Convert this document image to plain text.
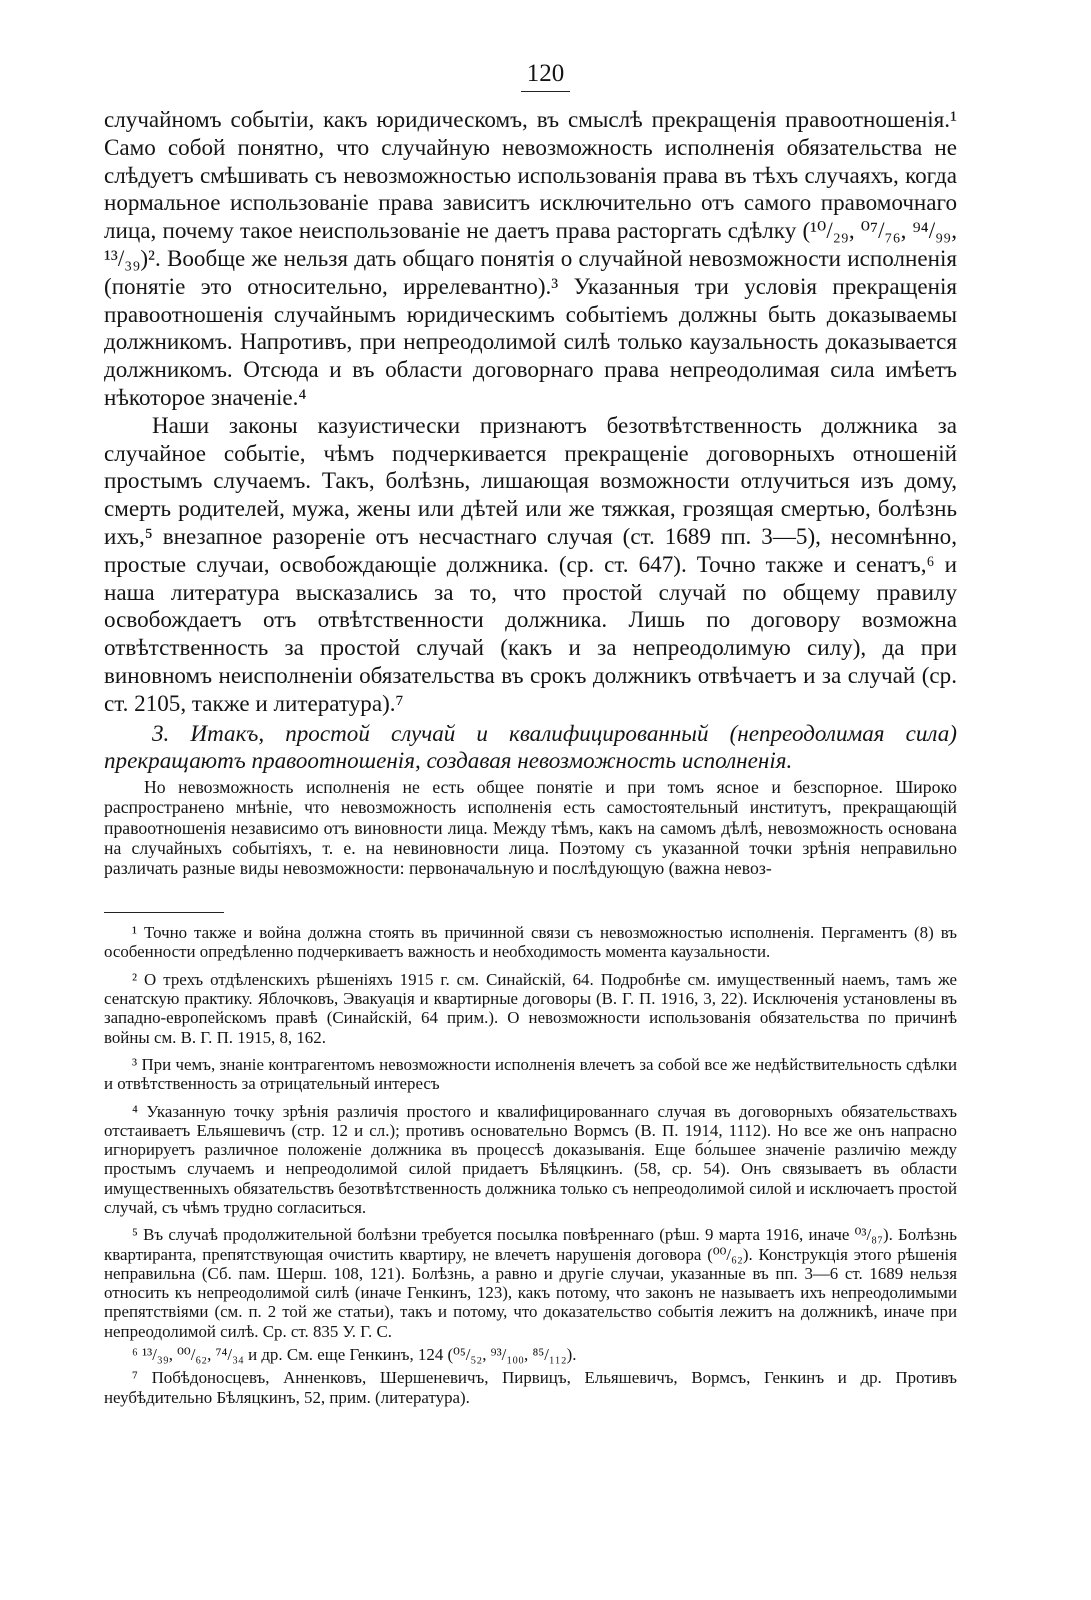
120

случайномъ событіи, какъ юридическомъ, въ смыслѣ прекращенія правоотношенія.¹ Само собой понятно, что случайную невозможность исполненія обязательства не слѣдуетъ смѣшивать съ невозможностью использованія права въ тѣхъ случаяхъ, когда нормальное использованіе права зависитъ исключительно отъ самого правомочнаго лица, почему такое неиспользованіе не даетъ права расторгать сдѣлку (¹⁰/₂₉, ⁰⁷/₇₆, ⁹⁴/₉₉, ¹³/₃₉)². Вообще же нельзя дать общаго понятія о случайной невозможности исполненія (понятіе это относительно, иррелевантно).³ Указанныя три условія прекращенія правоотношенія случайнымъ юридическимъ событіемъ должны быть доказываемы должникомъ. Напротивъ, при непреодолимой силѣ только каузальность доказывается должникомъ. Отсюда и въ области договорнаго права непреодолимая сила имѣетъ нѣкоторое значеніе.⁴

Наши законы казуистически признаютъ безотвѣтственность должника за случайное событіе, чѣмъ подчеркивается прекращеніе договорныхъ отношеній простымъ случаемъ. Такъ, болѣзнь, лишающая возможности отлучиться изъ дому, смерть родителей, мужа, жены или дѣтей или же тяжкая, грозящая смертью, болѣзнь ихъ,⁵ внезапное разореніе отъ несчастнаго случая (ст. 1689 пп. 3—5), несомнѣнно, простые случаи, освобождающіе должника. (ср. ст. 647). Точно также и сенатъ,⁶ и наша литература высказались за то, что простой случай по общему правилу освобождаетъ отъ отвѣтственности должника. Лишь по договору возможна отвѣтственность за простой случай (какъ и за непреодолимую силу), да при виновномъ неисполненіи обязательства въ срокъ должникъ отвѣчаетъ и за случай (ср. ст. 2105, также и литература).⁷

3. Итакъ, простой случай и квалифицированный (непреодолимая сила) прекращаютъ правоотношенія, создавая невозможность исполненія.

Но невозможность исполненія не есть общее понятіе и при томъ ясное и безспорное. Широко распространено мнѣніе, что невозможность исполненія есть самостоятельный институтъ, прекращающій правоотношенія независимо отъ виновности лица. Между тѣмъ, какъ на самомъ дѣлѣ, невозможность основана на случайныхъ событіяхъ, т. е. на невиновности лица. Поэтому съ указанной точки зрѣнія неправильно различать разные виды невозможности: первоначальную и послѣдующую (важна невоз-

¹ Точно также и война должна стоять въ причинной связи съ невозможностью исполненія. Пергаментъ (8) въ особенности опредѣленно подчеркиваетъ важность и необходимость момента каузальности.

² О трехъ отдѣленскихъ рѣшеніяхъ 1915 г. см. Синайскій, 64. Подробнѣе см. имущественный наемъ, тамъ же сенатскую практику. Яблочковъ, Эвакуація и квартирные договоры (В. Г. П. 1916, 3, 22). Исключенія установлены въ западно-европейскомъ правѣ (Синайскій, 64 прим.). О невозможности использованія обязательства по причинѣ войны см. В. Г. П. 1915, 8, 162.

³ При чемъ, знаніе контрагентомъ невозможности исполненія влечетъ за собой все же недѣйствительность сдѣлки и отвѣтственность за отрицательный интересъ

⁴ Указанную точку зрѣнія различія простого и квалифицированнаго случая въ договорныхъ обязательствахъ отстаиваетъ Ельяшевичъ (стр. 12 и сл.); противъ основательно Вормсъ (В. П. 1914, 1112). Но все же онъ напрасно игнорируетъ различное положеніе должника въ процессѣ доказыванія. Еще бо́льшее значеніе различію между простымъ случаемъ и непреодолимой силой придаетъ Бѣляцкинъ. (58, ср. 54). Онъ связываетъ въ области имущественныхъ обязательствъ безотвѣтственность должника только съ непреодолимой силой и исключаетъ простой случай, съ чѣмъ трудно согласиться.

⁵ Въ случаѣ продолжительной болѣзни требуется посылка повѣреннаго (рѣш. 9 марта 1916, иначе ⁰³/₈₇). Болѣзнь квартиранта, препятствующая очистить квартиру, не влечетъ нарушенія договора (⁰⁰/₆₂). Конструкція этого рѣшенія неправильна (Сб. пам. Шерш. 108, 121). Болѣзнь, а равно и другіе случаи, указанные въ пп. 3—6 ст. 1689 нельзя относить къ непреодолимой силѣ (иначе Генкинъ, 123), какъ потому, что законъ не называетъ ихъ непреодолимыми препятствіями (см. п. 2 той же статьи), такъ и потому, что доказательство событія лежитъ на должникѣ, иначе при непреодолимой силѣ. Ср. ст. 835 У. Г. С.

⁶ ¹³/₃₉, ⁰⁰/₆₂, ⁷⁴/₃₄ и др. См. еще Генкинъ, 124 (⁰⁵/₅₂, ⁹³/₁₀₀, ⁸⁵/₁₁₂).

⁷ Побѣдоносцевъ, Анненковъ, Шершеневичъ, Пирвицъ, Ельяшевичъ, Вормсъ, Генкинъ и др. Противъ неубѣдительно Бѣляцкинъ, 52, прим. (литература).
